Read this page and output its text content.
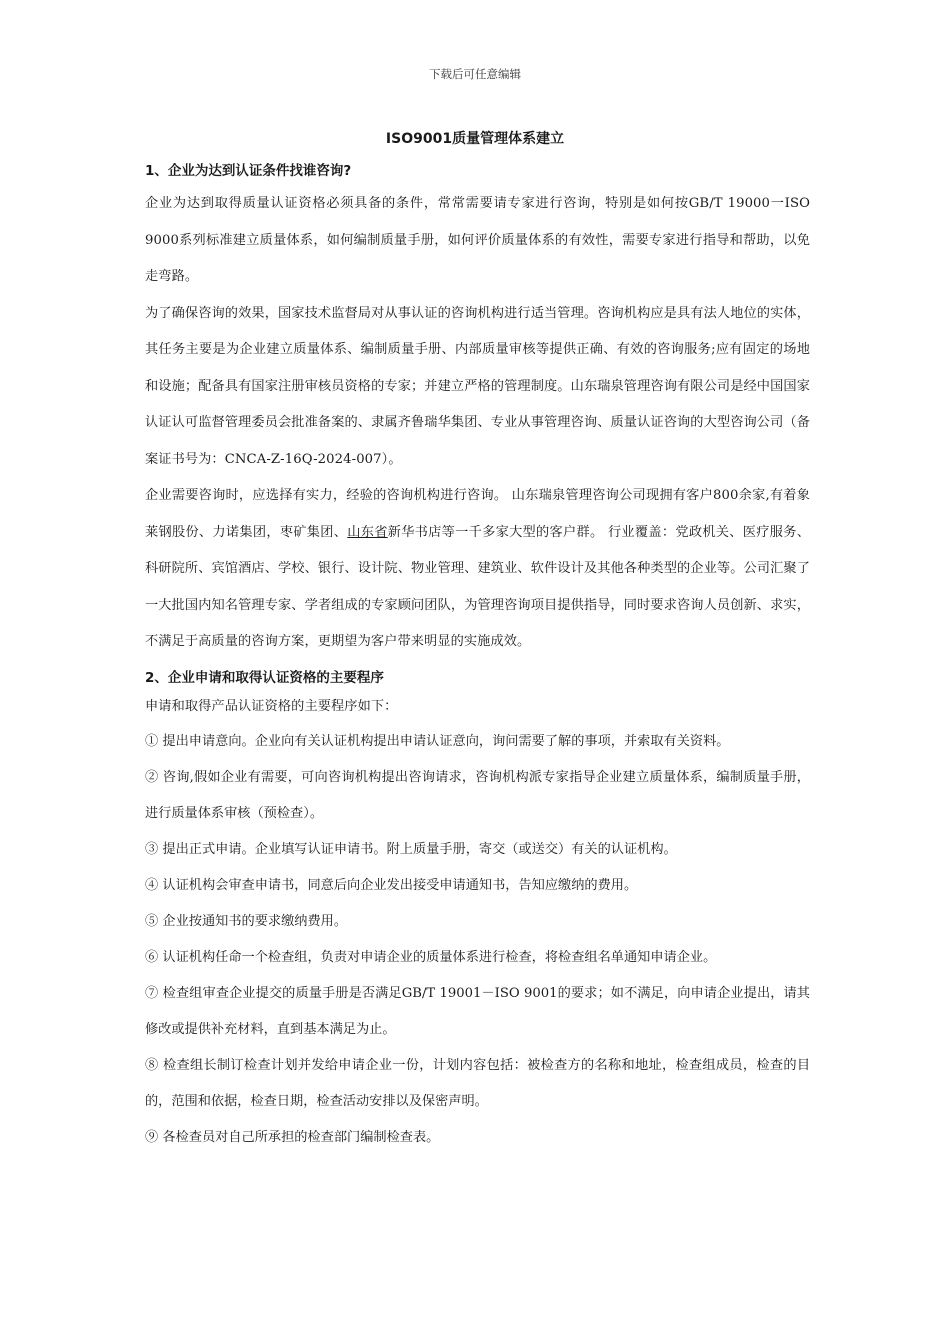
下载后可任意编辑
ISO9001质量管理体系建立

1、企业为达到认证条件找谁咨询?

企业为达到取得质量认证资格必须具备的条件，常常需要请专家进行咨询，特别是如何按GB/T 19000一ISO 9000系列标准建立质量体系，如何编制质量手册，如何评价质量体系的有效性，需要专家进行指导和帮助，以免走弯路。

为了确保咨询的效果，国家技术监督局对从事认证的咨询机构进行适当管理。咨询机构应是具有法人地位的实体，其任务主要是为企业建立质量体系、编制质量手册、内部质量审核等提供正确、有效的咨询服务;应有固定的场地和设施；配备具有国家注册审核员资格的专家；并建立严格的管理制度。山东瑞泉管理咨询有限公司是经中国国家认证认可监督管理委员会批准备案的、隶属齐鲁瑞华集团、专业从事管理咨询、质量认证咨询的大型咨询公司（备案证书号为：CNCA-Z-16Q-2024-007）。

企业需要咨询时，应选择有实力，经验的咨询机构进行咨询。 山东瑞泉管理咨询公司现拥有客户800余家,有着象莱钢股份、力诺集团，枣矿集团、山东省新华书店等一千多家大型的客户群。 行业覆盖：党政机关、医疗服务、科研院所、宾馆酒店、学校、银行、设计院、物业管理、建筑业、软件设计及其他各种类型的企业等。公司汇聚了一大批国内知名管理专家、学者组成的专家顾问团队，为管理咨询项目提供指导，同时要求咨询人员创新、求实，不满足于高质量的咨询方案，更期望为客户带来明显的实施成效。

2、企业申请和取得认证资格的主要程序

申请和取得产品认证资格的主要程序如下：

① 提出申请意向。企业向有关认证机构提出申请认证意向，询问需要了解的事项，并索取有关资料。

② 咨询,假如企业有需要，可向咨询机构提出咨询请求，咨询机构派专家指导企业建立质量体系，编制质量手册，进行质量体系审核（预检查）。

③ 提出正式申请。企业填写认证申请书。附上质量手册，寄交（或送交）有关的认证机构。

④ 认证机构会审查申请书，同意后向企业发出接受申请通知书，告知应缴纳的费用。

⑤ 企业按通知书的要求缴纳费用。

⑥ 认证机构任命一个检查组，负责对申请企业的质量体系进行检查，将检查组名单通知申请企业。

⑦ 检查组审查企业提交的质量手册是否满足GB/T 19001－ISO 9001的要求；如不满足，向申请企业提出，请其修改或提供补充材料，直到基本满足为止。

⑧ 检查组长制订检查计划并发给申请企业一份，计划内容包括：被检查方的名称和地址，检查组成员，检查的目的，范围和依据，检查日期，检查活动安排以及保密声明。

⑨ 各检查员对自己所承担的检查部门编制检查表。
